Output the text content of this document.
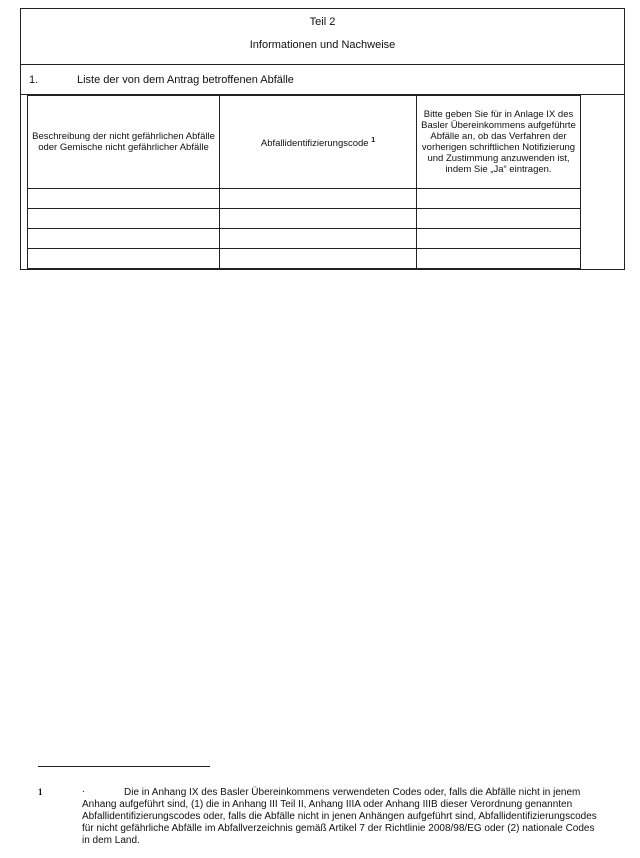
Teil 2
Informationen und Nachweise
1.	Liste der von dem Antrag betroffenen Abfälle
Beschreibung der nicht gefährlichen Abfälle oder Gemische nicht gefährlicher Abfälle	Abfallidentifizierungscode $^1$	Bitte geben Sie für in Anlage IX des Basler Übereinkommens aufgeführte Abfälle an, ob das Verfahren der vorherigen schriftlichen Notifizierung und Zustimmung anzuwenden ist, indem Sie „Ja“ eintragen.

1	.	Die in Anhang IX des Basler Übereinkommens verwendeten Codes oder, falls die Abfälle nicht in jenem Anhang aufgeführt sind, (1) die in Anhang III Teil II, Anhang IIIA oder Anhang IIIB dieser Verordnung genannten Abfallidentifizierungscodes oder, falls die Abfälle nicht in jenen Anhängen aufgeführt sind, Abfallidentifizierungscodes für nicht gefährliche Abfälle im Abfallverzeichnis gemäß Artikel 7 der Richtlinie 2008/98/EG oder (2) nationale Codes in dem Land.
